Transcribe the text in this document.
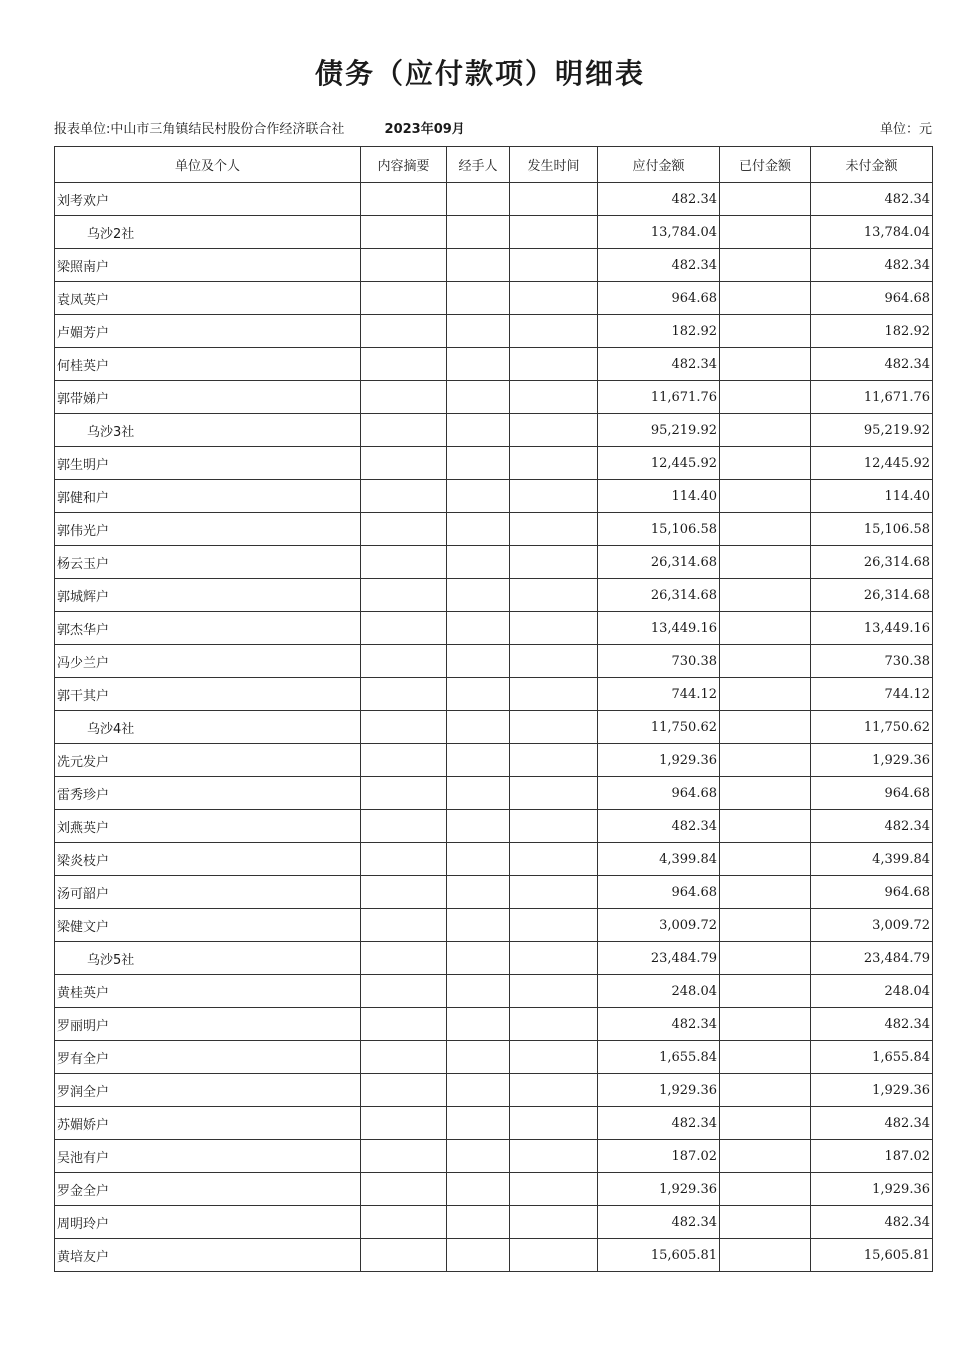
债务（应付款项）明细表
报表单位:中山市三角镇结民村股份合作经济联合社	2023年09月	单位：元
单位及个人	内容摘要	经手人	发生时间	应付金额	已付金额	未付金额
刘考欢户				482.34		482.34
乌沙2社				13,784.04		13,784.04
梁照南户				482.34		482.34
袁凤英户				964.68		964.68
卢媚芳户				182.92		182.92
何桂英户				482.34		482.34
郭带娣户				11,671.76		11,671.76
乌沙3社				95,219.92		95,219.92
郭生明户				12,445.92		12,445.92
郭健和户				114.40		114.40
郭伟光户				15,106.58		15,106.58
杨云玉户				26,314.68		26,314.68
郭城辉户				26,314.68		26,314.68
郭杰华户				13,449.16		13,449.16
冯少兰户				730.38		730.38
郭干其户				744.12		744.12
乌沙4社				11,750.62		11,750.62
冼元发户				1,929.36		1,929.36
雷秀珍户				964.68		964.68
刘燕英户				482.34		482.34
梁炎枝户				4,399.84		4,399.84
汤可韶户				964.68		964.68
梁健文户				3,009.72		3,009.72
乌沙5社				23,484.79		23,484.79
黄桂英户				248.04		248.04
罗丽明户				482.34		482.34
罗有全户				1,655.84		1,655.84
罗润全户				1,929.36		1,929.36
苏媚娇户				482.34		482.34
吴池有户				187.02		187.02
罗金全户				1,929.36		1,929.36
周明玲户				482.34		482.34
黄培友户				15,605.81		15,605.81
